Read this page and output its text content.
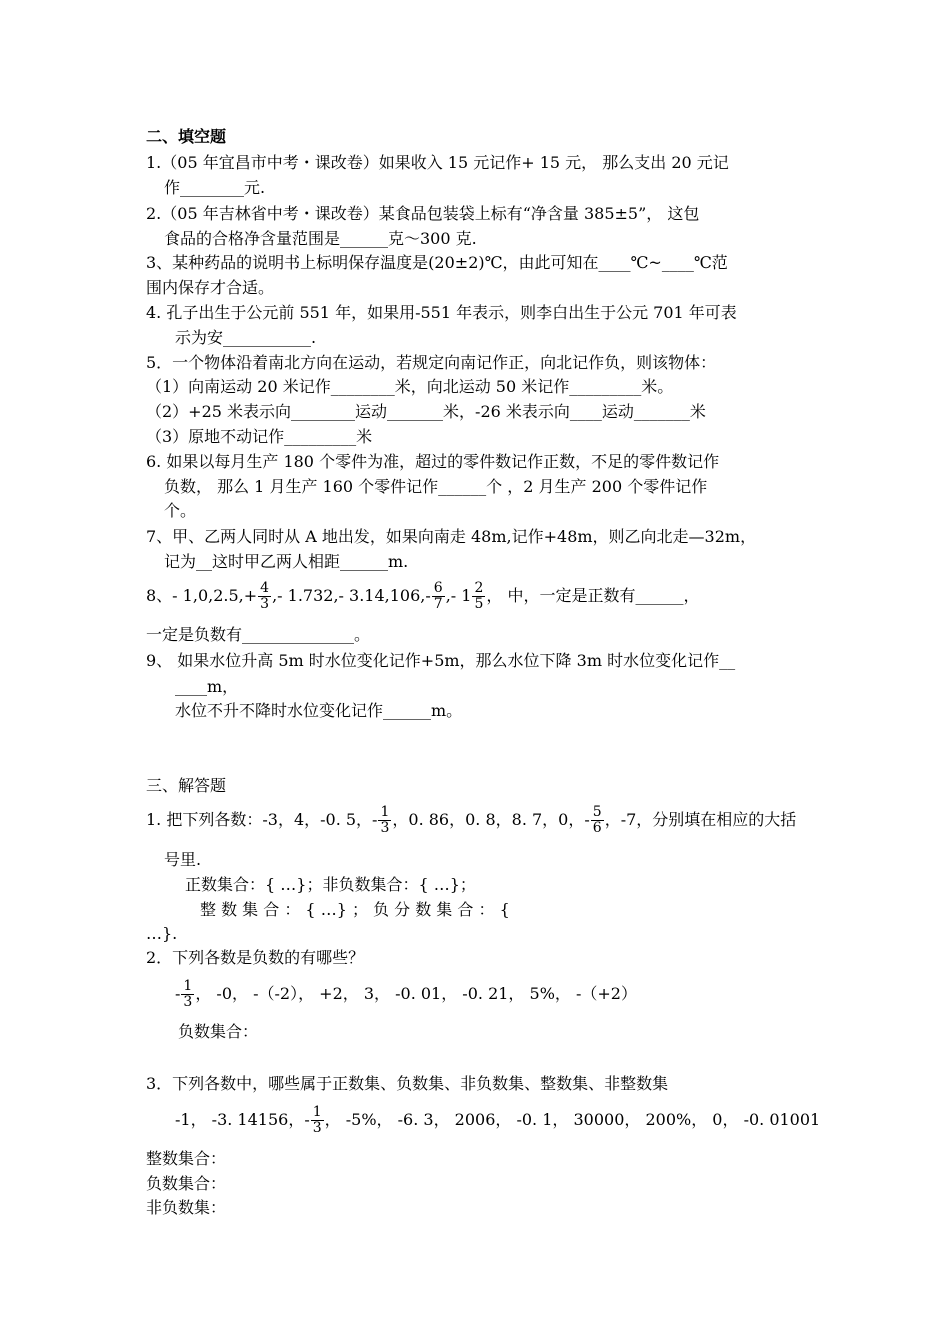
二、填空题
1.（05 年宜昌市中考・课改卷）如果收入 15 元记作+ 15 元， 那么支出 20 元记
作________元.
2.（05 年吉林省中考・课改卷）某食品包装袋上标有“净含量 385±5”， 这包
食品的合格净含量范围是______克～300 克.
3、某种药品的说明书上标明保存温度是(20±2)℃，由此可知在____℃~____℃范
围内保存才合适。
4. 孔子出生于公元前 551 年，如果用-551 年表示，则李白出生于公元 701 年可表
示为安___________.
5．一个物体沿着南北方向在运动，若规定向南记作正，向北记作负，则该物体：
（1）向南运动 20 米记作________米，向北运动 50 米记作_________米。
（2）+25 米表示向________运动_______米，-26 米表示向____运动_______米
（3）原地不动记作_________米
6. 如果以每月生产 180 个零件为准，超过的零件数记作正数，不足的零件数记作
负数， 那么 1 月生产 160 个零件记作______个 ，2 月生产 200 个零件记作
个。
7、甲、乙两人同时从 A 地出发，如果向南走 48m,记作+48m，则乙向北走—32m，
记为__这时甲乙两人相距______m.
8、- $1,0,2.5,+ \frac{4}{3}$ ,- 1.732,- $3.14,106,- \frac{6}{7}$ ,- $1 \frac{2}{5}$ ， 中，一定是正数有______，
一定是负数有______________。
9、 如果水位升高 5m 时水位变化记作+5m，那么水位下降 3m 时水位变化记作__
____m，
水位不升不降时水位变化记作______m。
三、解答题
1. 把下列各数：-3，4，-0. 5，- $\frac{1}{3}$ ，0. 86，0. 8，8. 7，0，- $\frac{5}{6}$ ，-7，分别填在相应的大括
号里.
正数集合：{ …}；非负数集合：{ …}；
整 数 集 合 ： { …} ； 负 分 数 集 合 ： {
…}.
2．下列各数是负数的有哪些？
- $\frac{1}{3}$ ， -0， -（-2）， +2， 3， -0. 01， -0. 21， 5%， -（+2）
负数集合：
3．下列各数中，哪些属于正数集、负数集、非负数集、整数集、非整数集
-1， -3. 14156，- $\frac{1}{3}$ ， -5%， -6. 3， 2006， -0. 1， 30000， 200%， 0， -0. 01001
整数集合：
负数集合：
非负数集：
